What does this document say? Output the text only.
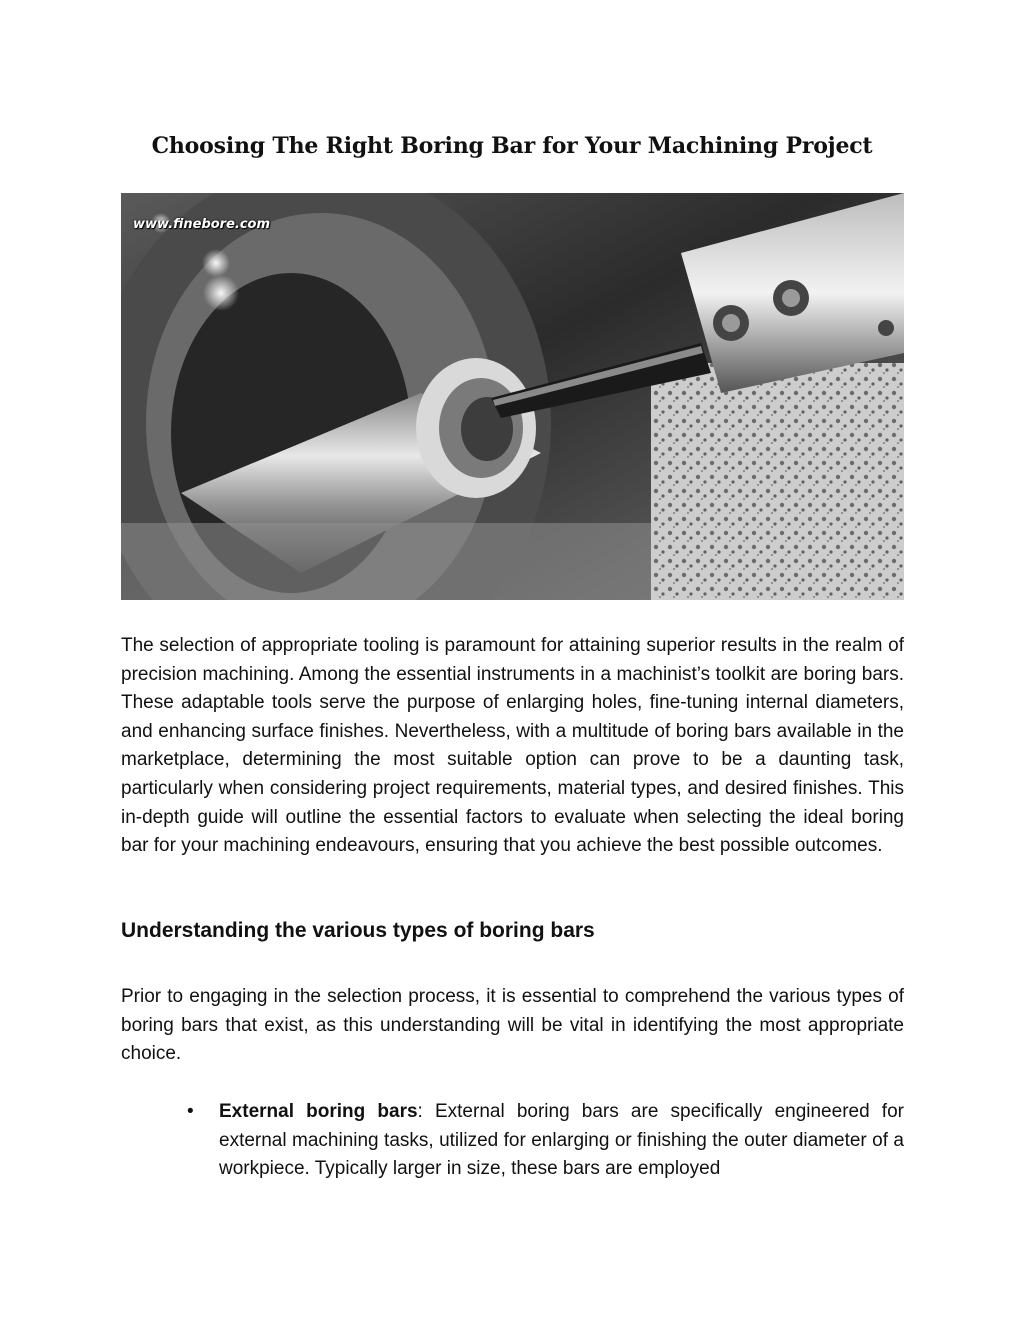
Choosing The Right Boring Bar for Your Machining Project
www.finebore.com

The selection of appropriate tooling is paramount for attaining superior results in the realm of precision machining. Among the essential instruments in a machinist’s toolkit are boring bars. These adaptable tools serve the purpose of enlarging holes, fine-tuning internal diameters, and enhancing surface finishes. Nevertheless, with a multitude of boring bars available in the marketplace, determining the most suitable option can prove to be a daunting task, particularly when considering project requirements, material types, and desired finishes. This in-depth guide will outline the essential factors to evaluate when selecting the ideal boring bar for your machining endeavours, ensuring that you achieve the best possible outcomes.

Understanding the various types of boring bars

Prior to engaging in the selection process, it is essential to comprehend the various types of boring bars that exist, as this understanding will be vital in identifying the most appropriate choice.

• External boring bars: External boring bars are specifically engineered for external machining tasks, utilized for enlarging or finishing the outer diameter of a workpiece. Typically larger in size, these bars are employed
